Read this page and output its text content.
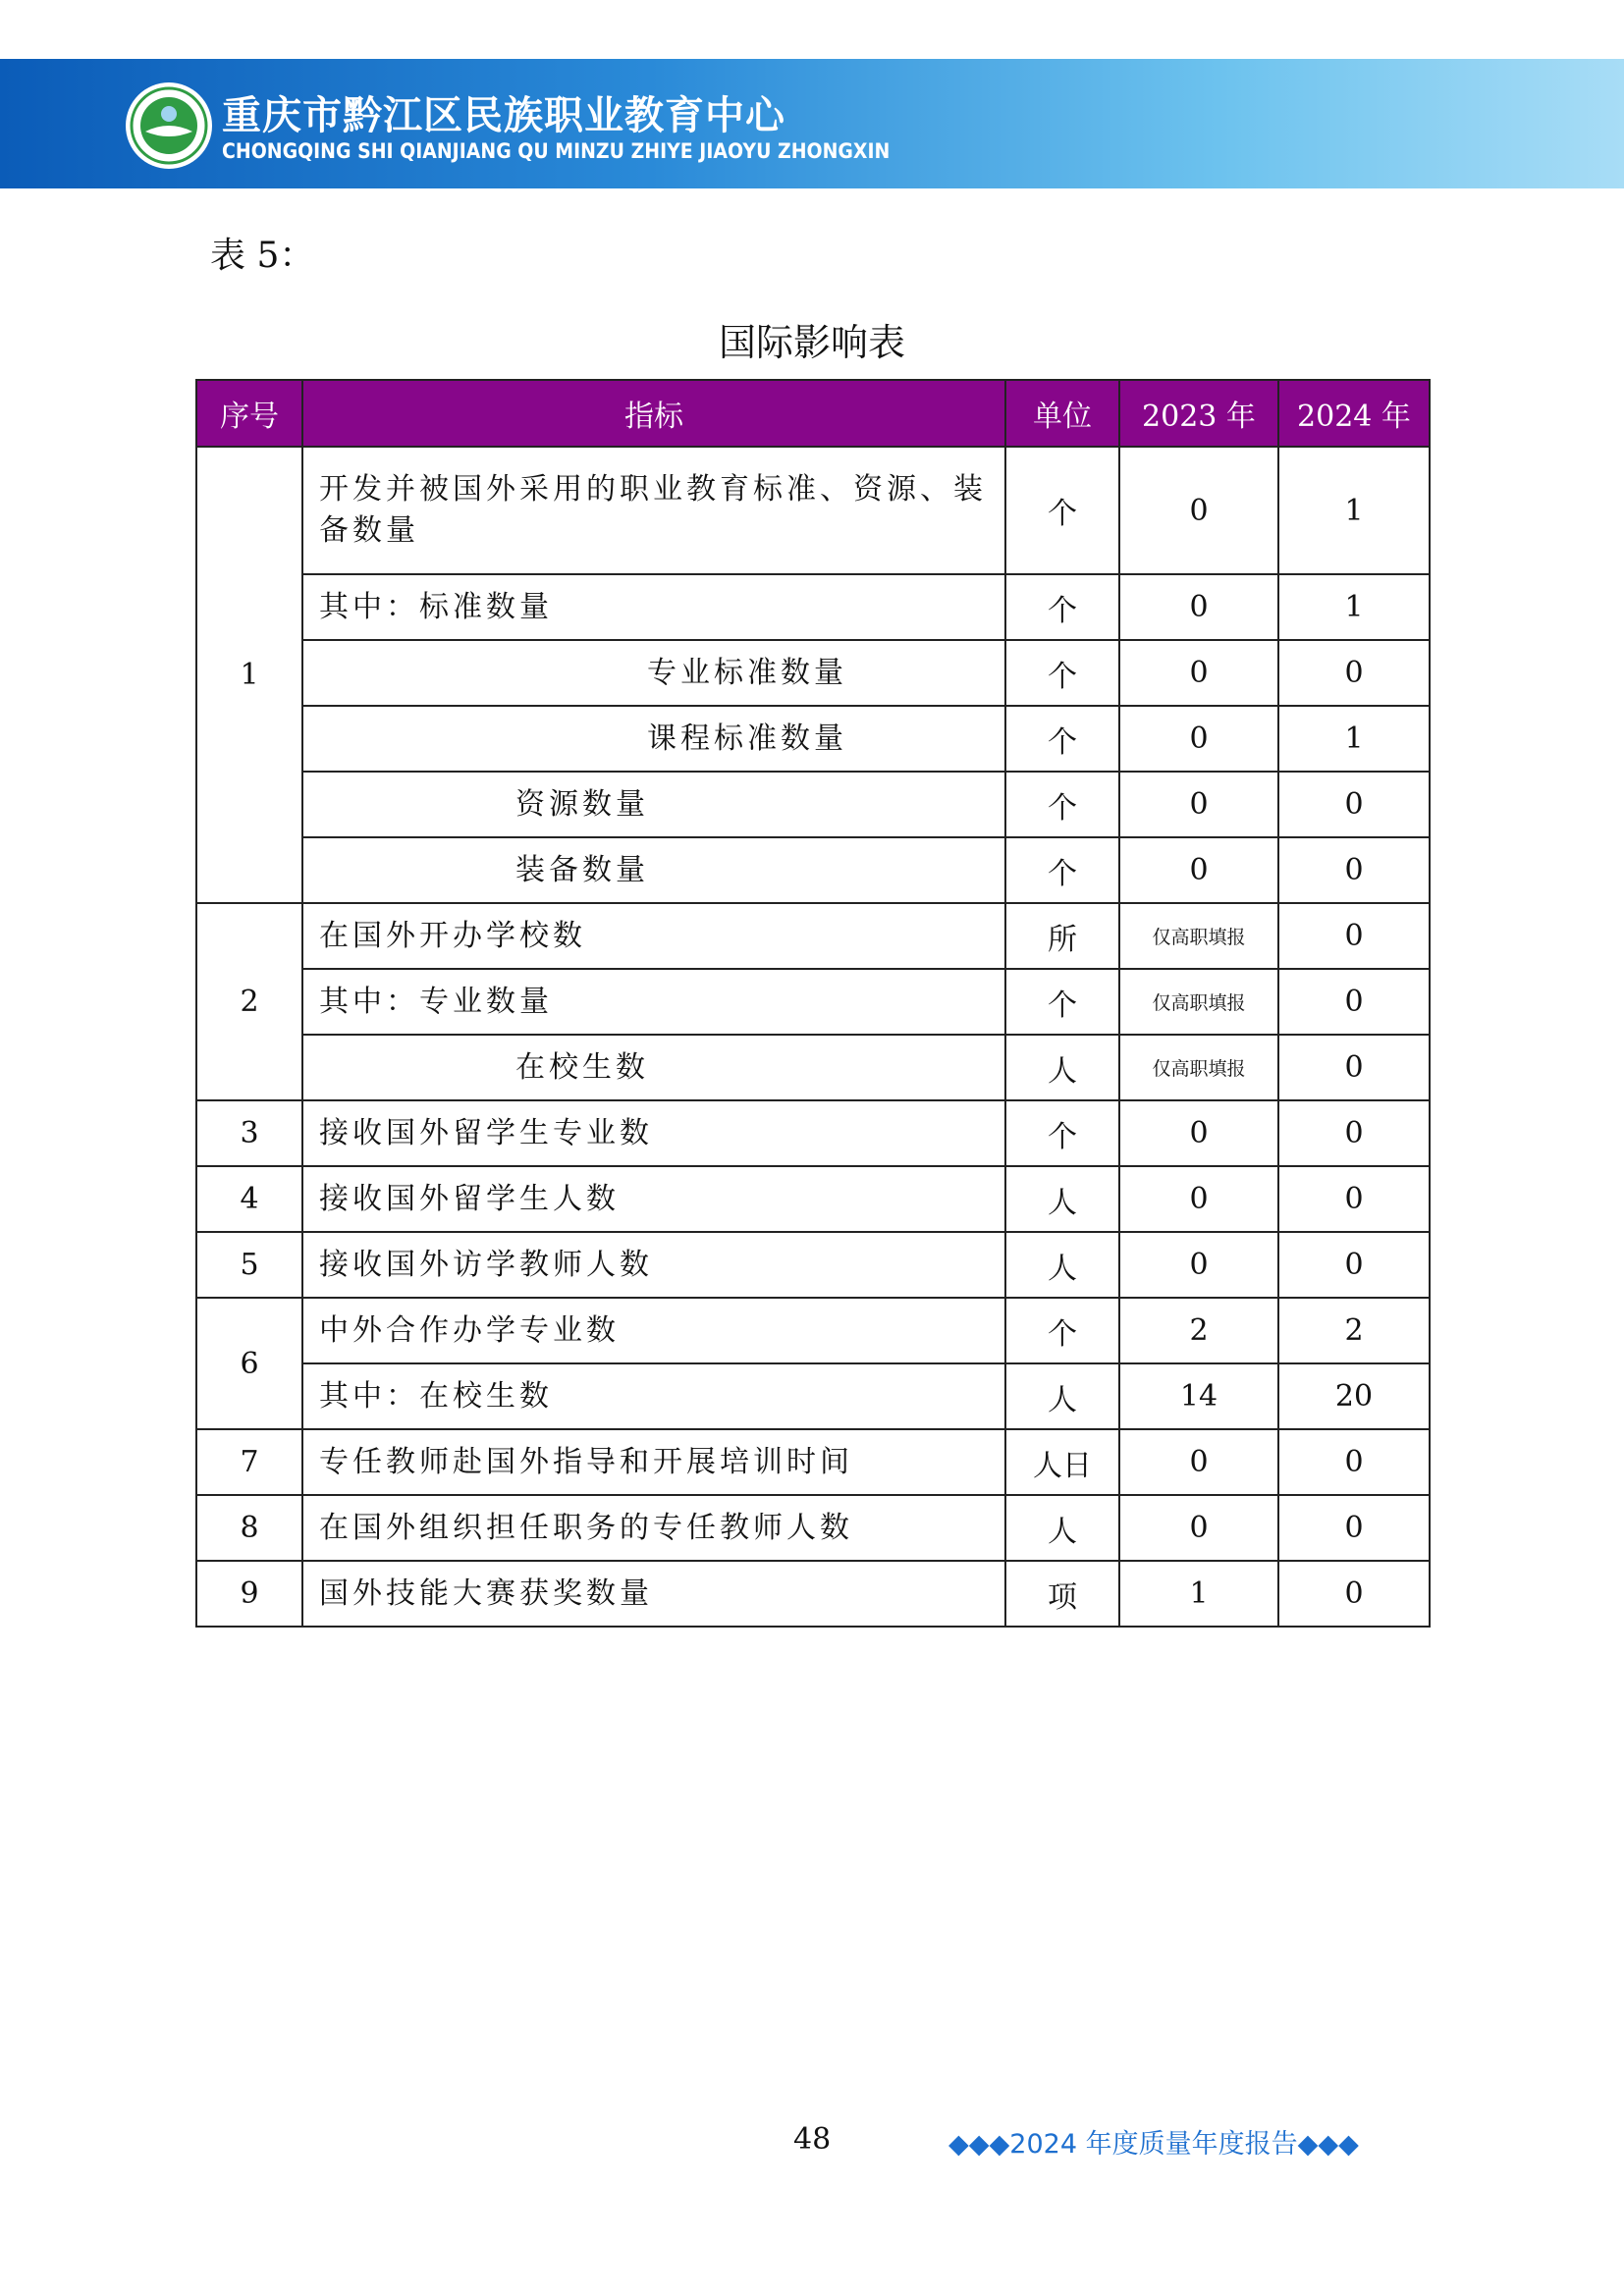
重庆市黔江区民族职业教育中心
CHONGQING SHI QIANJIANG QU MINZU ZHIYE JIAOYU ZHONGXIN
表 5：
国际影响表
序号	指标	单位	2023 年	2024 年
1	开发并被国外采用的职业教育标准、资源、装备数量	个	0	1
	其中：标准数量	个	0	1
	专业标准数量	个	0	0
	课程标准数量	个	0	1
	资源数量	个	0	0
	装备数量	个	0	0
2	在国外开办学校数	所	仅高职填报	0
	其中：专业数量	个	仅高职填报	0
	在校生数	人	仅高职填报	0
3	接收国外留学生专业数	个	0	0
4	接收国外留学生人数	人	0	0
5	接收国外访学教师人数	人	0	0
6	中外合作办学专业数	个	2	2
	其中：在校生数	人	14	20
7	专任教师赴国外指导和开展培训时间	人日	0	0
8	在国外组织担任职务的专任教师人数	人	0	0
9	国外技能大赛获奖数量	项	1	0
48	◆◆◆2024 年度质量年度报告◆◆◆
